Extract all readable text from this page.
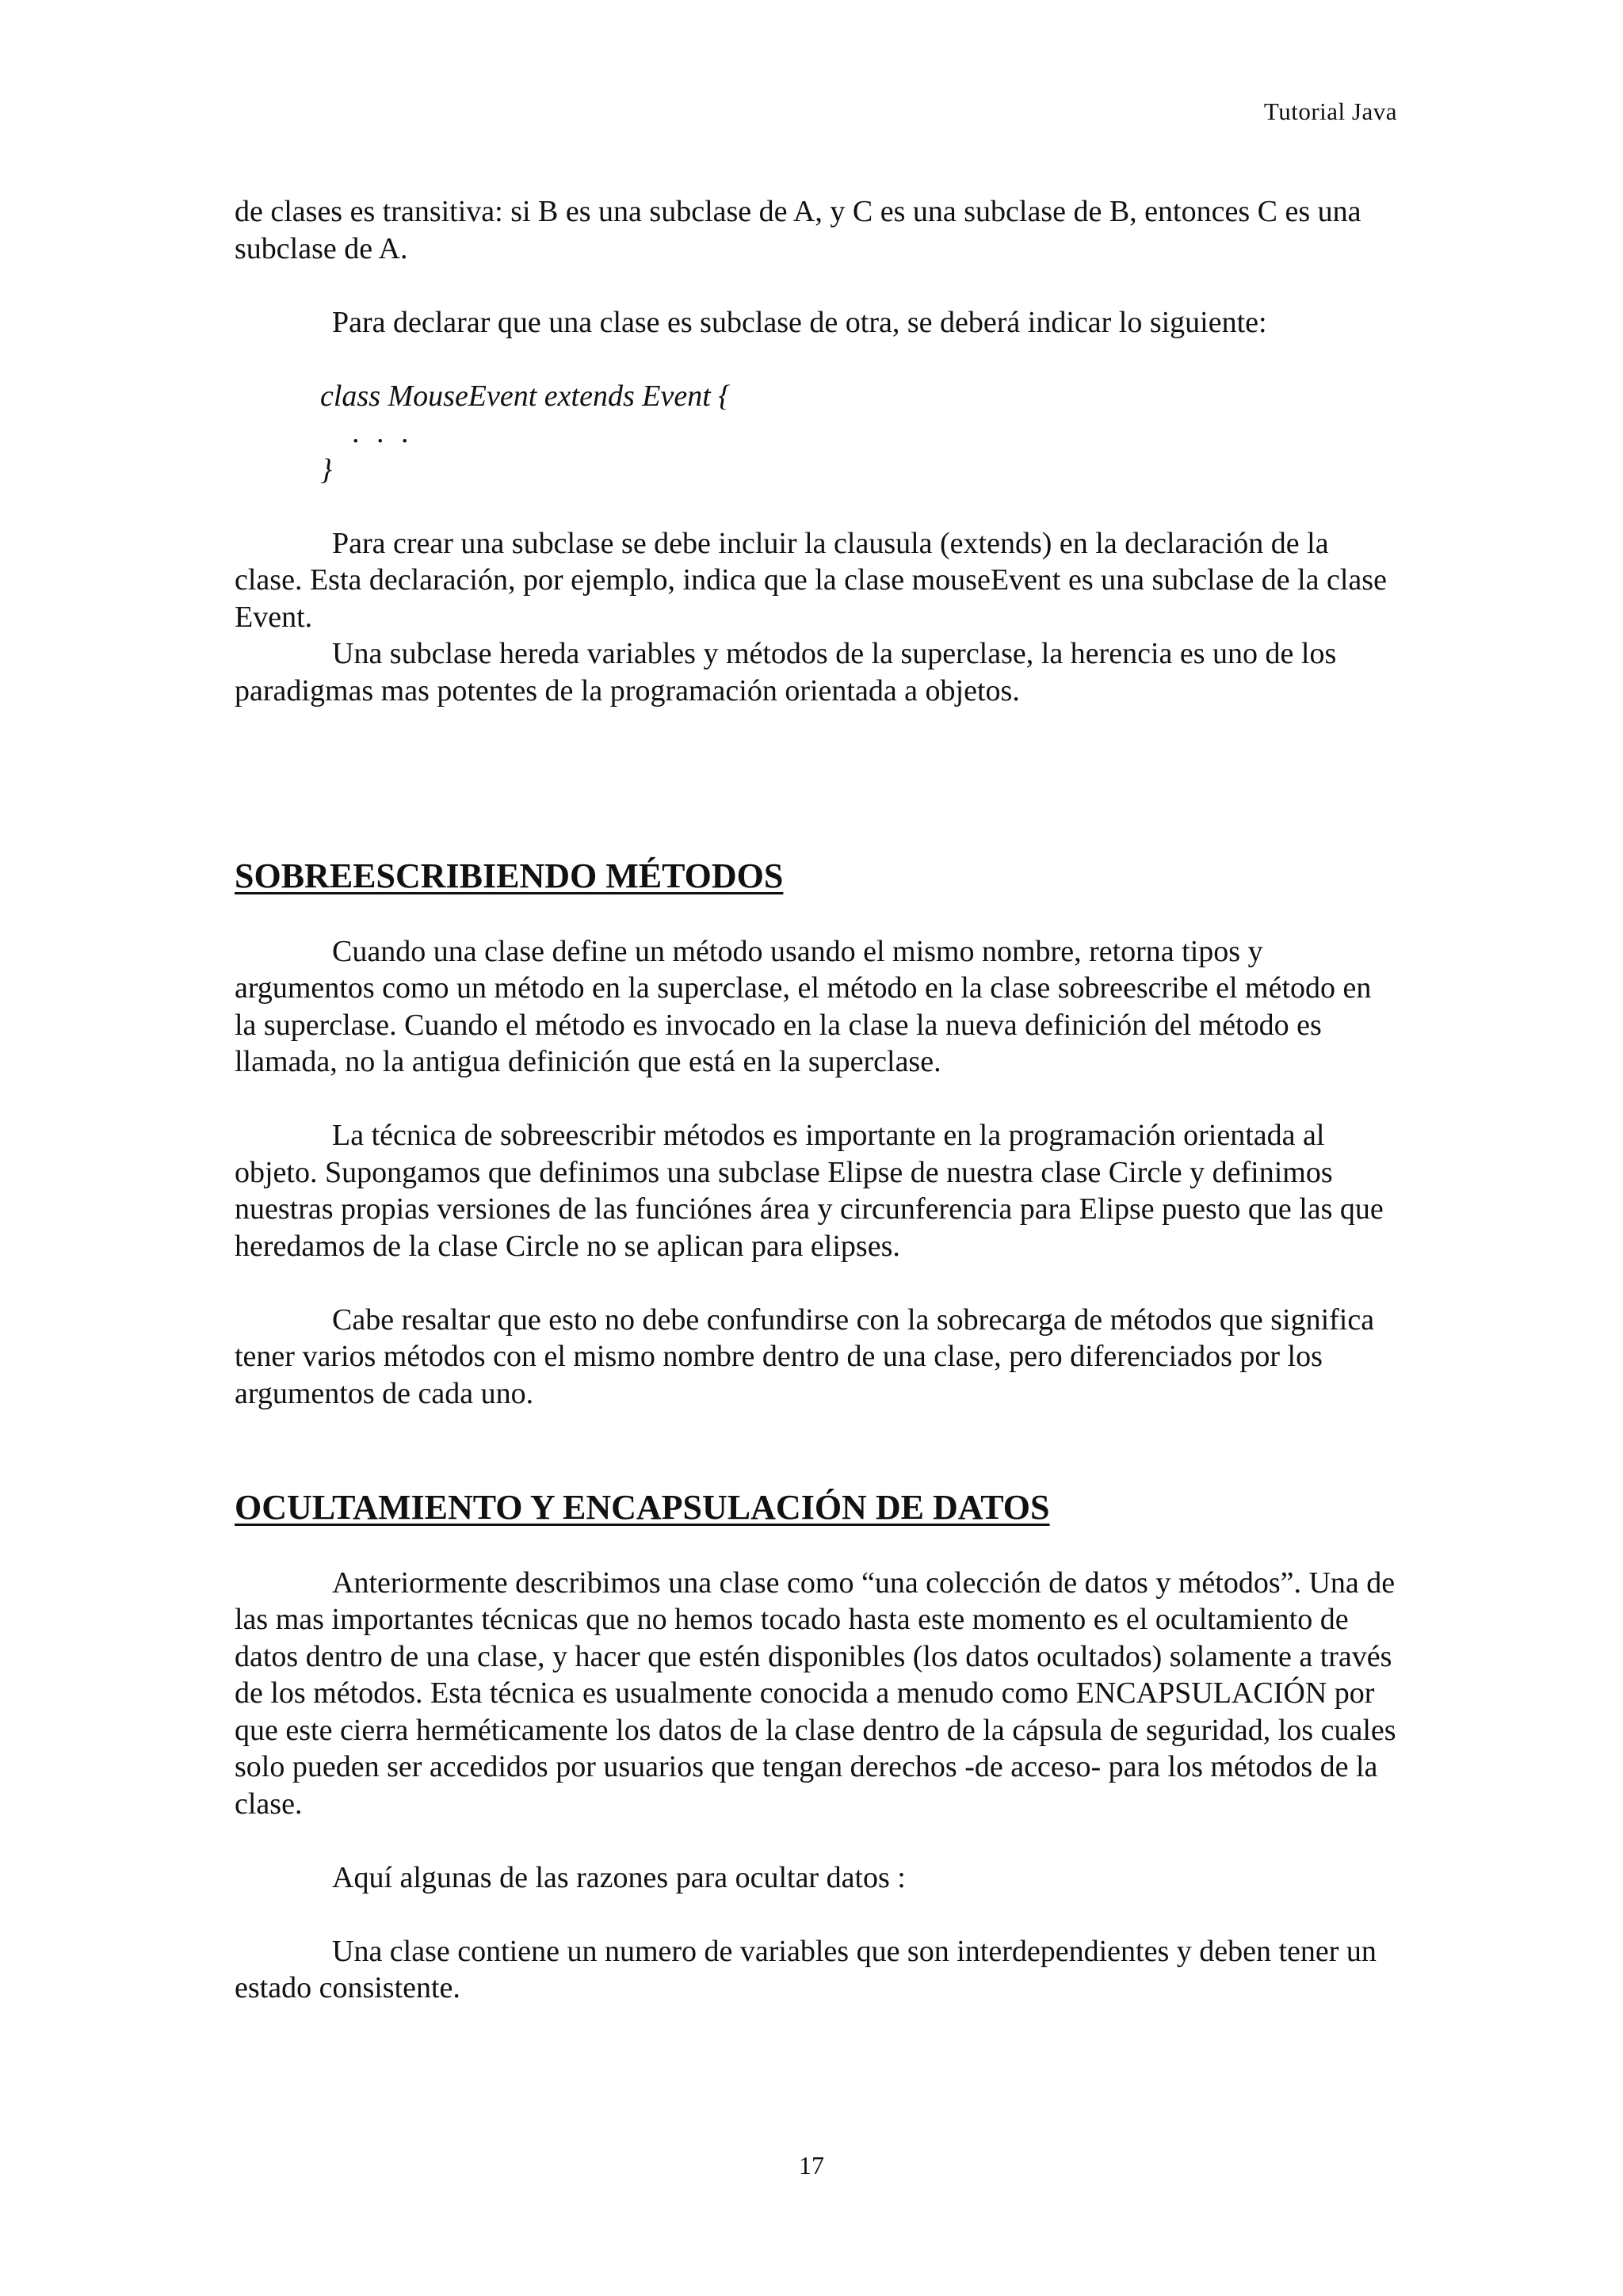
Tutorial Java

de clases es transitiva: si B es una subclase de A, y C es una subclase de B, entonces C es una subclase de A.

Para declarar que una clase es subclase de otra, se deberá indicar lo siguiente:

class MouseEvent extends Event {
. . .
}

Para crear una subclase se debe incluir la clausula (extends) en la declaración de la clase. Esta declaración, por ejemplo, indica que la clase mouseEvent es una subclase de la clase Event.

Una subclase hereda variables y métodos de la superclase, la herencia es uno de los paradigmas mas potentes de la programación orientada a objetos.

SOBREESCRIBIENDO MÉTODOS

Cuando una clase define un método usando el mismo nombre, retorna tipos y argumentos como un método en la superclase, el método en la clase sobreescribe el método en la superclase. Cuando el método es invocado en la clase la nueva definición del método es llamada, no la antigua definición que está en la superclase.

La técnica de sobreescribir métodos es importante en la programación orientada al objeto. Supongamos que definimos una subclase Elipse de nuestra clase Circle y definimos nuestras propias versiones de las funciónes área y circunferencia para Elipse puesto que las que heredamos de la clase Circle no se aplican para elipses.

Cabe resaltar que esto no debe confundirse con la sobrecarga de métodos que significa tener varios métodos con el mismo nombre dentro de una clase, pero diferenciados por los argumentos de cada uno.

OCULTAMIENTO Y ENCAPSULACIÓN DE DATOS

Anteriormente describimos una clase como “una colección de datos y métodos”. Una de las mas importantes técnicas que no hemos tocado hasta este momento es el ocultamiento de datos dentro de una clase, y hacer que estén disponibles (los datos ocultados) solamente a través de los métodos. Esta técnica es usualmente conocida a menudo como ENCAPSULACIÓN por que este cierra herméticamente los datos de la clase dentro de la cápsula de seguridad, los cuales solo pueden ser accedidos por usuarios que tengan derechos -de acceso- para los métodos de la clase.

Aquí algunas de las razones para ocultar datos :

Una clase contiene un numero de variables que son interdependientes y deben tener un estado consistente.

17
